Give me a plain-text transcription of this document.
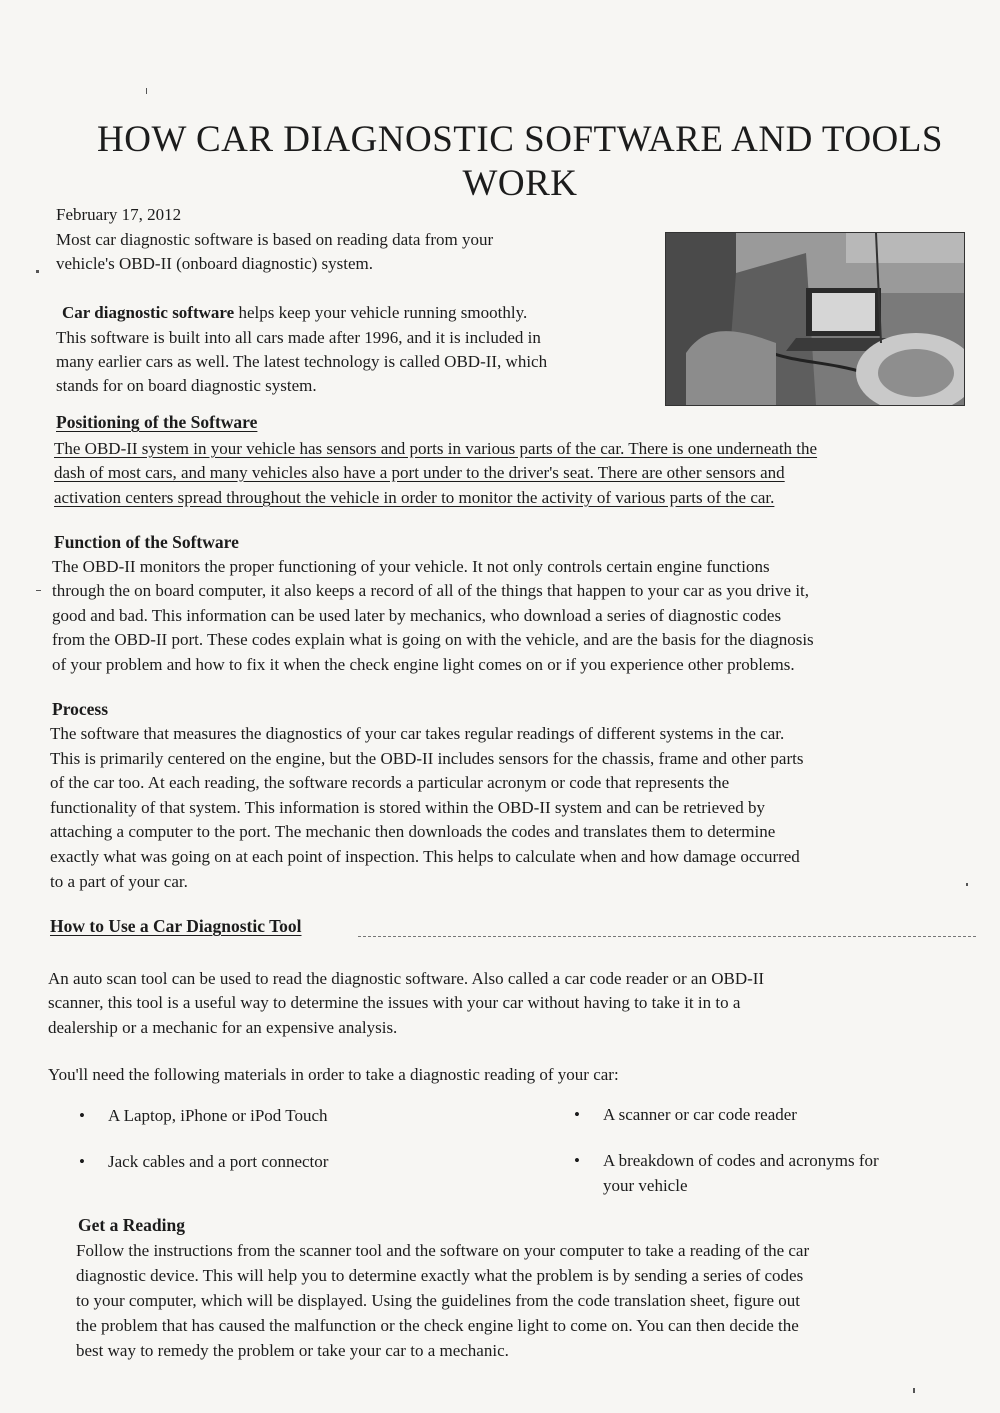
HOW CAR DIAGNOSTIC SOFTWARE AND TOOLS WORK

February 17, 2012

Most car diagnostic software is based on reading data from your

vehicle's OBD-II (onboard diagnostic) system.

Car diagnostic software helps keep your vehicle running smoothly.

This software is built into all cars made after 1996, and it is included in

many earlier cars as well. The latest technology is called OBD-II, which

stands for on board diagnostic system.

Positioning of the Software

The OBD-II system in your vehicle has sensors and ports in various parts of the car. There is one underneath the

dash of most cars, and many vehicles also have a port under to the driver's seat. There are other sensors and

activation centers spread throughout the vehicle in order to monitor the activity of various parts of the car.

Function of the Software

The OBD-II monitors the proper functioning of your vehicle. It not only controls certain engine functions

through the on board computer, it also keeps a record of all of the things that happen to your car as you drive it,

good and bad. This information can be used later by mechanics, who download a series of diagnostic codes

from the OBD-II port. These codes explain what is going on with the vehicle, and are the basis for the diagnosis

of your problem and how to fix it when the check engine light comes on or if you experience other problems.

Process

The software that measures the diagnostics of your car takes regular readings of different systems in the car.

This is primarily centered on the engine, but the OBD-II includes sensors for the chassis, frame and other parts

of the car too. At each reading, the software records a particular acronym or code that represents the

functionality of that system. This information is stored within the OBD-II system and can be retrieved by

attaching a computer to the port. The mechanic then downloads the codes and translates them to determine

exactly what was going on at each point of inspection. This helps to calculate when and how damage occurred

to a part of your car.

How to Use a Car Diagnostic Tool

An auto scan tool can be used to read the diagnostic software. Also called a car code reader or an OBD-II

scanner, this tool is a useful way to determine the issues with your car without having to take it in to a

dealership or a mechanic for an expensive analysis.

You'll need the following materials in order to take a diagnostic reading of your car:

•	A Laptop, iPhone or iPod Touch
•	Jack cables and a port connector
•	A scanner or car code reader
•	A breakdown of codes and acronyms for
your vehicle

Get a Reading

Follow the instructions from the scanner tool and the software on your computer to take a reading of the car

diagnostic device. This will help you to determine exactly what the problem is by sending a series of codes

to your computer, which will be displayed. Using the guidelines from the code translation sheet, figure out

the problem that has caused the malfunction or the check engine light to come on. You can then decide the

best way to remedy the problem or take your car to a mechanic.
